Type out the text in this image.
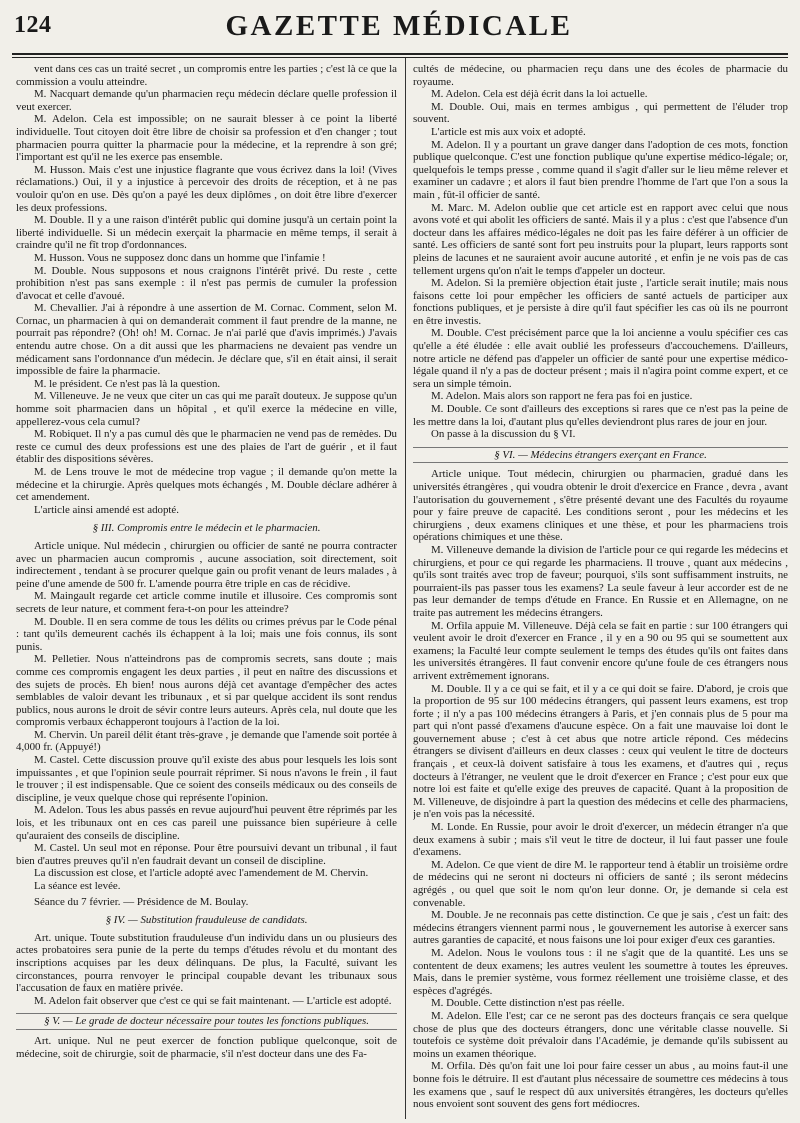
124	GAZETTE MÉDICALE

vent dans ces cas un traité secret , un compromis entre les parties ; c'est là ce que la commission a voulu atteindre.

M. Nacquart demande qu'un pharmacien reçu médecin déclare quelle profession il veut exercer.

M. Adelon. Cela est impossible; on ne saurait blesser à ce point la liberté individuelle. Tout citoyen doit être libre de choisir sa profession et d'en changer ; tout pharmacien pourra quitter la pharmacie pour la médecine, et la reprendre à son gré; l'important est qu'il ne les exerce pas ensemble.

M. Husson. Mais c'est une injustice flagrante que vous écrivez dans la loi! (Vives réclamations.) Oui, il y a injustice à percevoir des droits de réception, et à ne pas vouloir qu'on en use. Dès qu'on a payé les deux diplômes , on doit être libre d'exercer les deux professions.

M. Double. Il y a une raison d'intérêt public qui domine jusqu'à un certain point la liberté individuelle. Si un médecin exerçait la pharmacie en même temps, il serait à craindre qu'il ne fît trop d'ordonnances.

M. Husson. Vous ne supposez donc dans un homme que l'infamie !

M. Double. Nous supposons et nous craignons l'intérêt privé. Du reste , cette prohibition n'est pas sans exemple : il n'est pas permis de cumuler la profession d'avocat et celle d'avoué.

M. Chevallier. J'ai à répondre à une assertion de M. Cornac. Comment, selon M. Cornac, un pharmacien à qui on demanderait comment il faut prendre de la manne, ne pourrait pas répondre? (Oh! oh! M. Cornac. Je n'ai parlé que d'avis imprimés.) J'avais entendu autre chose. On a dit aussi que les pharmaciens ne devaient pas vendre un médicament sans l'ordonnance d'un médecin. Je déclare que, s'il en était ainsi, il serait impossible de faire la pharmacie.

M. le président. Ce n'est pas là la question.

M. Villeneuve. Je ne veux que citer un cas qui me paraît douteux. Je suppose qu'un homme soit pharmacien dans un hôpital , et qu'il exerce la médecine en ville, appellerez-vous cela cumul?

M. Robiquet. Il n'y a pas cumul dès que le pharmacien ne vend pas de remèdes. Du reste ce cumul des deux professions est une des plaies de l'art de guérir , et il faut établir des dispositions sévères.

M. de Lens trouve le mot de médecine trop vague ; il demande qu'on mette la médecine et la chirurgie. Après quelques mots échangés , M. Double déclare adhérer à cet amendement.

L'article ainsi amendé est adopté.

§ III. Compromis entre le médecin et le pharmacien.

Article unique. Nul médecin , chirurgien ou officier de santé ne pourra contracter avec un pharmacien aucun compromis , aucune association, soit directement, soit indirectement , tendant à se procurer quelque gain ou profit venant de leurs malades , à peine d'une amende de 500 fr. L'amende pourra être triple en cas de récidive.

M. Maingault regarde cet article comme inutile et illusoire. Ces compromis sont secrets de leur nature, et comment fera-t-on pour les atteindre?

M. Double. Il en sera comme de tous les délits ou crimes prévus par le Code pénal : tant qu'ils demeurent cachés ils échappent à la loi; mais une fois connus, ils sont punis.

M. Pelletier. Nous n'atteindrons pas de compromis secrets, sans doute ; mais comme ces compromis engagent les deux parties , il peut en naître des discussions et des sujets de procès. Eh bien! nous aurons déjà cet avantage d'empêcher des actes semblables de valoir devant les tribunaux , et si par quelque accident ils sont rendus publics, nous aurons le droit de sévir contre leurs auteurs. Après cela, nul doute que les compromis verbaux échapperont toujours à l'action de la loi.

M. Chervin. Un pareil délit étant très-grave , je demande que l'amende soit portée à 4,000 fr. (Appuyé!)

M. Castel. Cette discussion prouve qu'il existe des abus pour lesquels les lois sont impuissantes , et que l'opinion seule pourrait réprimer. Si nous n'avons le frein , il faut le trouver ; il est indispensable. Que ce soient des conseils médicaux ou des conseils de discipline, je veux quelque chose qui représente l'opinion.

M. Adelon. Tous les abus passés en revue aujourd'hui peuvent être réprimés par les lois, et les tribunaux ont en ces cas pareil une puissance bien supérieure à celle qu'auraient des conseils de discipline.

M. Castel. Un seul mot en réponse. Pour être poursuivi devant un tribunal , il faut bien d'autres preuves qu'il n'en faudrait devant un conseil de discipline.

La discussion est close, et l'article adopté avec l'amendement de M. Chervin.

La séance est levée.

Séance du 7 février. — Présidence de M. Boulay.

§ IV. — Substitution frauduleuse de candidats.

Art. unique. Toute substitution frauduleuse d'un individu dans un ou plusieurs des actes probatoires sera punie de la perte du temps d'études révolu et du montant des inscriptions acquises par les deux délinquans. De plus, la Faculté, suivant les circonstances, pourra renvoyer le principal coupable devant les tribunaux sous l'accusation de faux en matière privée.

M. Adelon fait observer que c'est ce qui se fait maintenant. — L'article est adopté.

§ V. — Le grade de docteur nécessaire pour toutes les fonctions publiques.

Art. unique. Nul ne peut exercer de fonction publique quelconque, soit de médecine, soit de chirurgie, soit de pharmacie, s'il n'est docteur dans une des Fa-

cultés de médecine, ou pharmacien reçu dans une des écoles de pharmacie du royaume.

M. Adelon. Cela est déjà écrit dans la loi actuelle.

M. Double. Oui, mais en termes ambigus , qui permettent de l'éluder trop souvent.

L'article est mis aux voix et adopté.

M. Adelon. Il y a pourtant un grave danger dans l'adoption de ces mots, fonction publique quelconque. C'est une fonction publique qu'une expertise médico-légale; or, quelquefois le temps presse , comme quand il s'agit d'aller sur le lieu même relever et examiner un cadavre ; et alors il faut bien prendre l'homme de l'art que l'on a sous la main , fût-il officier de santé.

M. Marc. M. Adelon oublie que cet article est en rapport avec celui que nous avons voté et qui abolit les officiers de santé. Mais il y a plus : c'est que l'absence d'un docteur dans les affaires médico-légales ne doit pas les faire déférer à un officier de santé. Les officiers de santé sont fort peu instruits pour la plupart, leurs rapports sont pleins de lacunes et ne sauraient avoir aucune autorité , et enfin je ne vois pas de cas tellement urgens qu'on n'ait le temps d'appeler un docteur.

M. Adelon. Si la première objection était juste , l'article serait inutile; mais nous faisons cette loi pour empêcher les officiers de santé actuels de participer aux fonctions publiques, et je persiste à dire qu'il faut spécifier les cas où ils ne pourront en être investis.

M. Double. C'est précisément parce que la loi ancienne a voulu spécifier ces cas qu'elle a été éludée : elle avait oublié les professeurs d'accouchemens. D'ailleurs, notre article ne défend pas d'appeler un officier de santé pour une expertise médico-légale quand il n'y a pas de docteur présent ; mais il n'agira point comme expert, et ce sera un simple témoin.

M. Adelon. Mais alors son rapport ne fera pas foi en justice.

M. Double. Ce sont d'ailleurs des exceptions si rares que ce n'est pas la peine de les mettre dans la loi, d'autant plus qu'elles deviendront plus rares de jour en jour.

On passe à la discussion du § VI.

§ VI. — Médecins étrangers exerçant en France.

Article unique. Tout médecin, chirurgien ou pharmacien, gradué dans les universités étrangères , qui voudra obtenir le droit d'exercice en France , devra , avant l'autorisation du gouvernement , s'être présenté devant une des Facultés du royaume pour y faire preuve de capacité. Les conditions seront , pour les médecins et les chirurgiens , deux examens cliniques et une thèse, et pour les pharmaciens trois opérations chimiques et une thèse.

M. Villeneuve demande la division de l'article pour ce qui regarde les médecins et chirurgiens, et pour ce qui regarde les pharmaciens. Il trouve , quant aux médecins , qu'ils sont traités avec trop de faveur; pourquoi, s'ils sont suffisamment instruits, ne pourraient-ils pas passer tous les examens? La seule faveur à leur accorder est de ne pas leur demander de temps d'étude en France. En Russie et en Allemagne, on ne traite pas autrement les médecins étrangers.

M. Orfila appuie M. Villeneuve. Déjà cela se fait en partie : sur 100 étrangers qui veulent avoir le droit d'exercer en France , il y en a 90 ou 95 qui se soumettent aux examens; la Faculté leur compte seulement le temps des études qu'ils ont faites dans les universités étrangères. Il faut convenir encore qu'une foule de ces étrangers nous arrivent extrêmement ignorans.

M. Double. Il y a ce qui se fait, et il y a ce qui doit se faire. D'abord, je crois que la proportion de 95 sur 100 médecins étrangers, qui passent leurs examens, est trop forte ; il n'y a pas 100 médecins étrangers à Paris, et j'en connais plus de 5 pour ma part qui n'ont passé d'examens d'aucune espèce. On a fait une mauvaise loi dont le gouvernement abuse ; c'est à cet abus que notre article répond. Ces médecins étrangers se divisent d'ailleurs en deux classes : ceux qui veulent le titre de docteurs français , et ceux-là doivent satisfaire à tous les examens, et d'autres qui , reçus docteurs à l'étranger, ne veulent que le droit d'exercer en France ; c'est pour eux que notre loi est faite et qu'elle exige des preuves de capacité. Quant à la proposition de M. Villeneuve, de disjoindre à part la question des médecins et celle des pharmaciens, je n'en vois pas la nécessité.

M. Londe. En Russie, pour avoir le droit d'exercer, un médecin étranger n'a que deux examens à subir ; mais s'il veut le titre de docteur, il lui faut passer une foule d'examens.

M. Adelon. Ce que vient de dire M. le rapporteur tend à établir un troisième ordre de médecins qui ne seront ni docteurs ni officiers de santé ; ils seront médecins agrégés , ou quel que soit le nom qu'on leur donne. Or, je demande si cela est convenable.

M. Double. Je ne reconnais pas cette distinction. Ce que je sais , c'est un fait: des médecins étrangers viennent parmi nous , le gouvernement les autorise à exercer sans autres garanties de capacité, et nous faisons une loi pour exiger d'eux ces garanties.

M. Adelon. Nous le voulons tous : il ne s'agit que de la quantité. Les uns se contentent de deux examens; les autres veulent les soumettre à toutes les épreuves. Mais, dans le premier système, vous formez réellement une troisième classe, et des espèces d'agrégés.

M. Double. Cette distinction n'est pas réelle.

M. Adelon. Elle l'est; car ce ne seront pas des docteurs français ce sera quelque chose de plus que des docteurs étrangers, donc une véritable classe nouvelle. Si toutefois ce système doit prévaloir dans l'Académie, je demande qu'ils subissent au moins un examen théorique.

M. Orfila. Dès qu'on fait une loi pour faire cesser un abus , au moins faut-il une bonne fois le détruire. Il est d'autant plus nécessaire de soumettre ces médecins à tous les examens que , sauf le respect dû aux universités étrangères, les docteurs qu'elles nous envoient sont souvent des gens fort médiocres.
